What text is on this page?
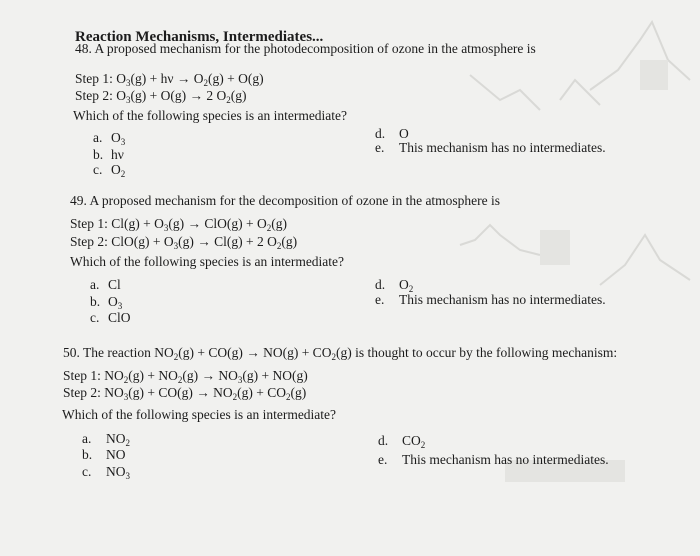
Reaction Mechanisms, Intermediates...
48. A proposed mechanism for the photodecomposition of ozone in the atmosphere is
Step 1: $O_3(g) + h\nu \to O_2(g) + O(g)$
Step 2: $O_3(g) + O(g) \to 2$ $O_2(g)$
Which of the following species is an intermediate?
a. $O_3$
b. hν
c. $O_2$
d. O
e. This mechanism has no intermediates.
49. A proposed mechanism for the decomposition of ozone in the atmosphere is
Step 1: $Cl(g) + O_3(g) \to ClO(g) + O_2(g)$
Step 2: $ClO(g) + O_3(g) \to Cl(g) + 2$ $O_2(g)$
Which of the following species is an intermediate?
a. Cl
b. $O_3$
c. ClO
d. $O_2$
e. This mechanism has no intermediates.
50. The reaction $NO_2(g) + CO(g) \to NO(g) + CO_2(g)$ is thought to occur by the following mechanism:
Step 1: $NO_2(g) + NO_2(g) \to NO_3(g) + NO(g)$
Step 2: $NO_3(g) + CO(g) \to NO_2(g) + CO_2(g)$
Which of the following species is an intermediate?
a. $NO_2$
b. NO
c. $NO_3$
d. $CO_2$
e. This mechanism has no intermediates.
